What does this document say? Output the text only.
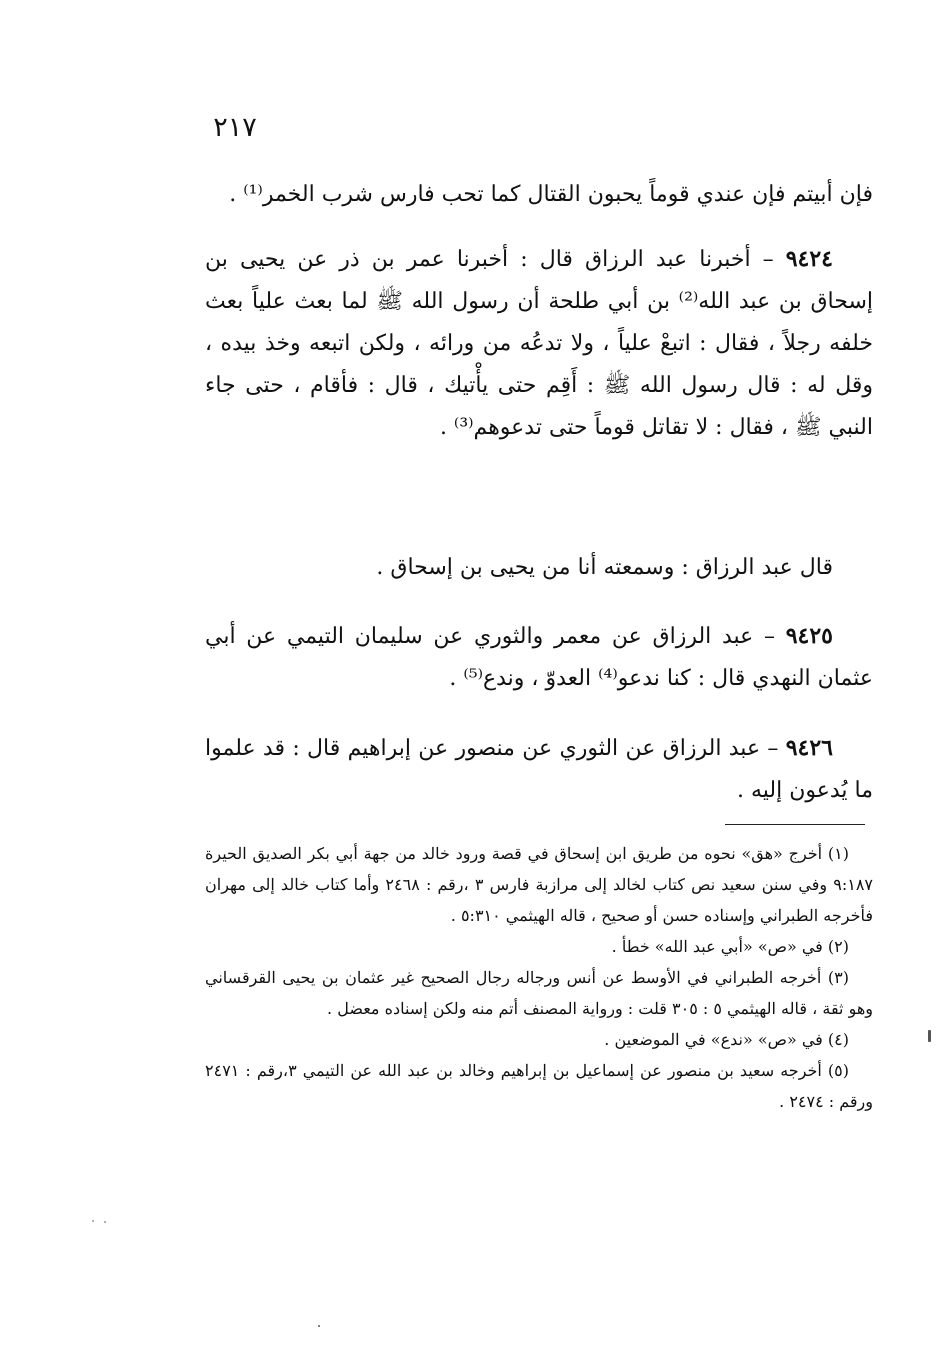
٢١٧

فإن أبيتم فإن عندي قوماً يحبون القتال كما تحب فارس شرب الخمر⁽¹⁾ .

٩٤٢٤ – أخبرنا عبد الرزاق قال : أخبرنا عمر بن ذر عن يحيى بن إسحاق بن عبد الله⁽²⁾ بن أبي طلحة أن رسول الله ﷺ لما بعث علياً بعث خلفه رجلاً ، فقال : اتبعْ علياً ، ولا تدعُه من ورائه ، ولكن اتبعه وخذ بيده ، وقل له : قال رسول الله ﷺ : أَقِم حتى يأْتيك ، قال : فأقام ، حتى جاء النبي ﷺ ، فقال : لا تقاتل قوماً حتى تدعوهم⁽³⁾ .

قال عبد الرزاق : وسمعته أنا من يحيى بن إسحاق .

٩٤٢٥ – عبد الرزاق عن معمر والثوري عن سليمان التيمي عن أبي عثمان النهدي قال : كنا ندعو⁽⁴⁾ العدوّ ، وندع⁽⁵⁾ .

٩٤٢٦ – عبد الرزاق عن الثوري عن منصور عن إبراهيم قال : قد علموا ما يُدعون إليه .

(١) أخرج «هق» نحوه من طريق ابن إسحاق في قصة ورود خالد من جهة أبي بكر الصديق الحيرة ٩:١٨٧ وفي سنن سعيد نص كتاب لخالد إلى مرازبة فارس ٣ ،رقم : ٢٤٦٨ وأما كتاب خالد إلى مهران فأخرجه الطبراني وإسناده حسن أو صحيح ، قاله الهيثمي ٥:٣١٠ .

(٢) في «ص» «أبي عبد الله» خطأ .

(٣) أخرجه الطبراني في الأوسط عن أنس ورجاله رجال الصحيح غير عثمان بن يحيى القرقساني وهو ثقة ، قاله الهيثمي ٥ : ٣٠٥ قلت : ورواية المصنف أتم منه ولكن إسناده معضل .

(٤) في «ص» «ندع» في الموضعين .

(٥) أخرجه سعيد بن منصور عن إسماعيل بن إبراهيم وخالد بن عبد الله عن التيمي ٣،رقم : ٢٤٧١ ورقم : ٢٤٧٤ .
